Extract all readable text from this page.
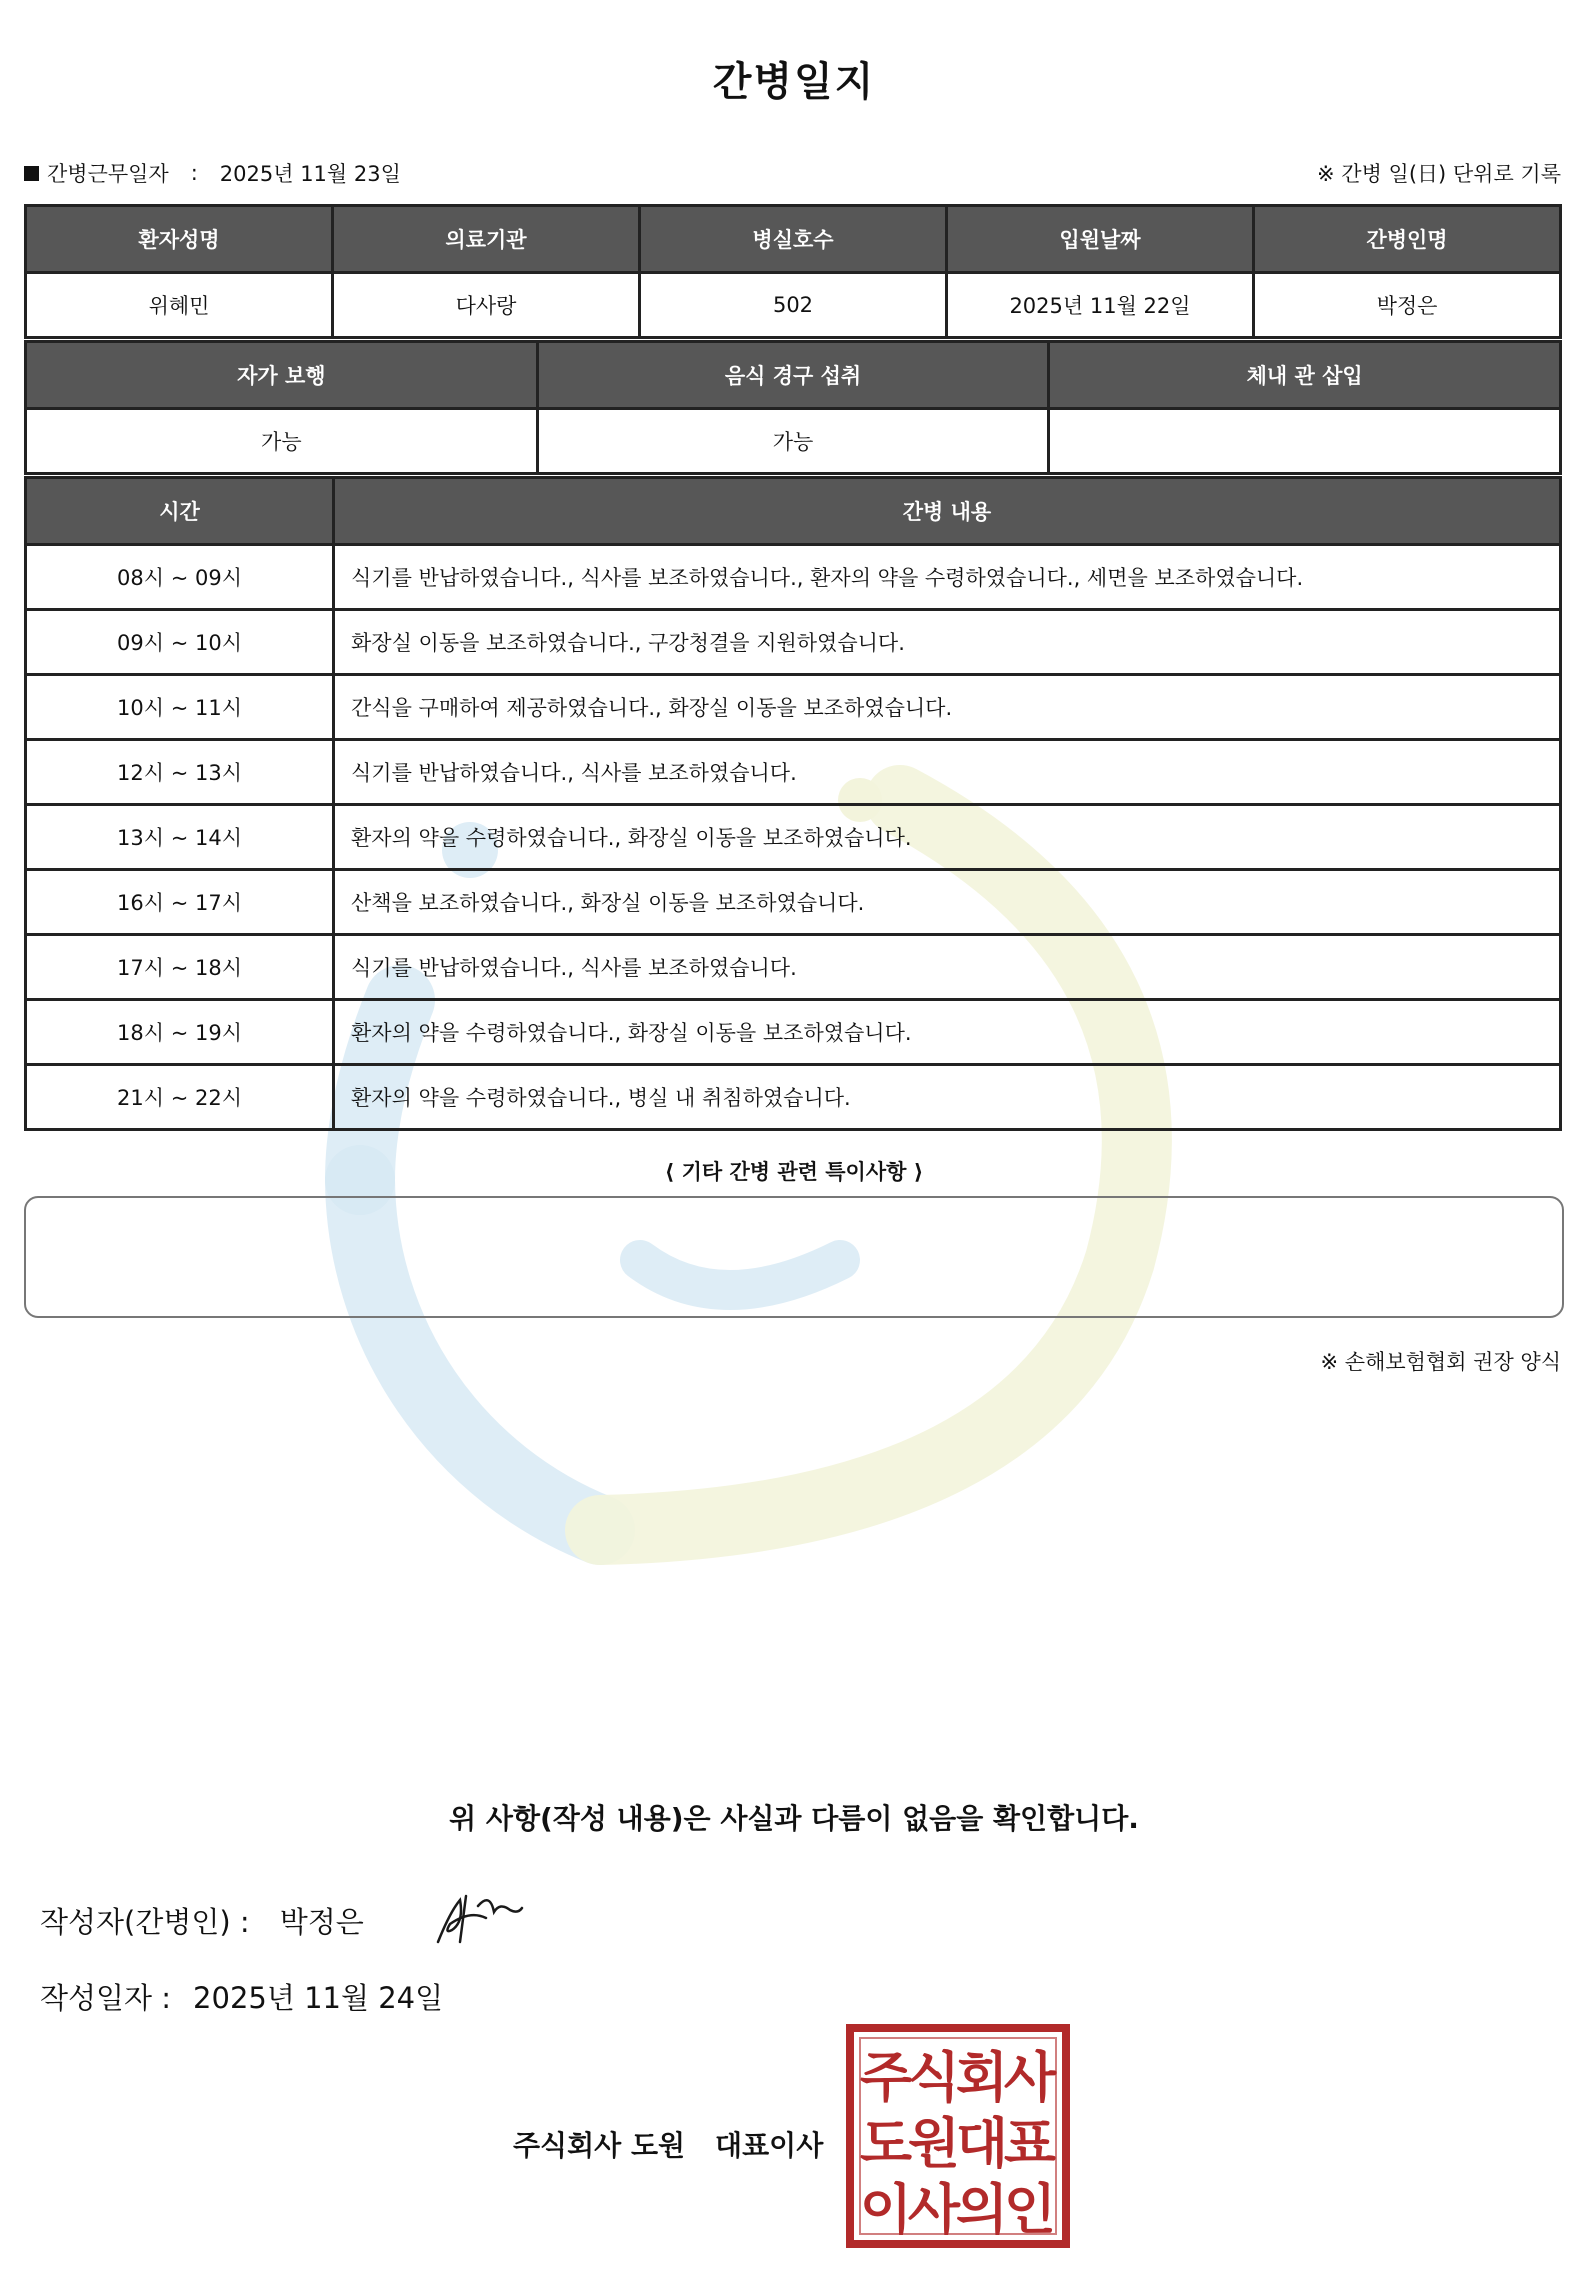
간병일지
간병근무일자 : 2025년 11월 23일	※ 간병 일(日) 단위로 기록
환자성명	의료기관	병실호수	입원날짜	간병인명
위혜민	다사랑	502	2025년 11월 22일	박정은
자가 보행	음식 경구 섭취	체내 관 삽입
가능	가능	
시간	간병 내용
08시 ~ 09시	식기를 반납하였습니다., 식사를 보조하였습니다., 환자의 약을 수령하였습니다., 세면을 보조하였습니다.
09시 ~ 10시	화장실 이동을 보조하였습니다., 구강청결을 지원하였습니다.
10시 ~ 11시	간식을 구매하여 제공하였습니다., 화장실 이동을 보조하였습니다.
12시 ~ 13시	식기를 반납하였습니다., 식사를 보조하였습니다.
13시 ~ 14시	환자의 약을 수령하였습니다., 화장실 이동을 보조하였습니다.
16시 ~ 17시	산책을 보조하였습니다., 화장실 이동을 보조하였습니다.
17시 ~ 18시	식기를 반납하였습니다., 식사를 보조하였습니다.
18시 ~ 19시	환자의 약을 수령하였습니다., 화장실 이동을 보조하였습니다.
21시 ~ 22시	환자의 약을 수령하였습니다., 병실 내 취침하였습니다.
⟨ 기타 간병 관련 특이사항 ⟩
※ 손해보험협회 권장 양식
위 사항(작성 내용)은 사실과 다름이 없음을 확인합니다.
작성자(간병인) : 박정은
작성일자 : 2025년 11월 24일
주식회사 도원 대표이사
주
식
회
사
도
원
대
표
이
사
의
인
